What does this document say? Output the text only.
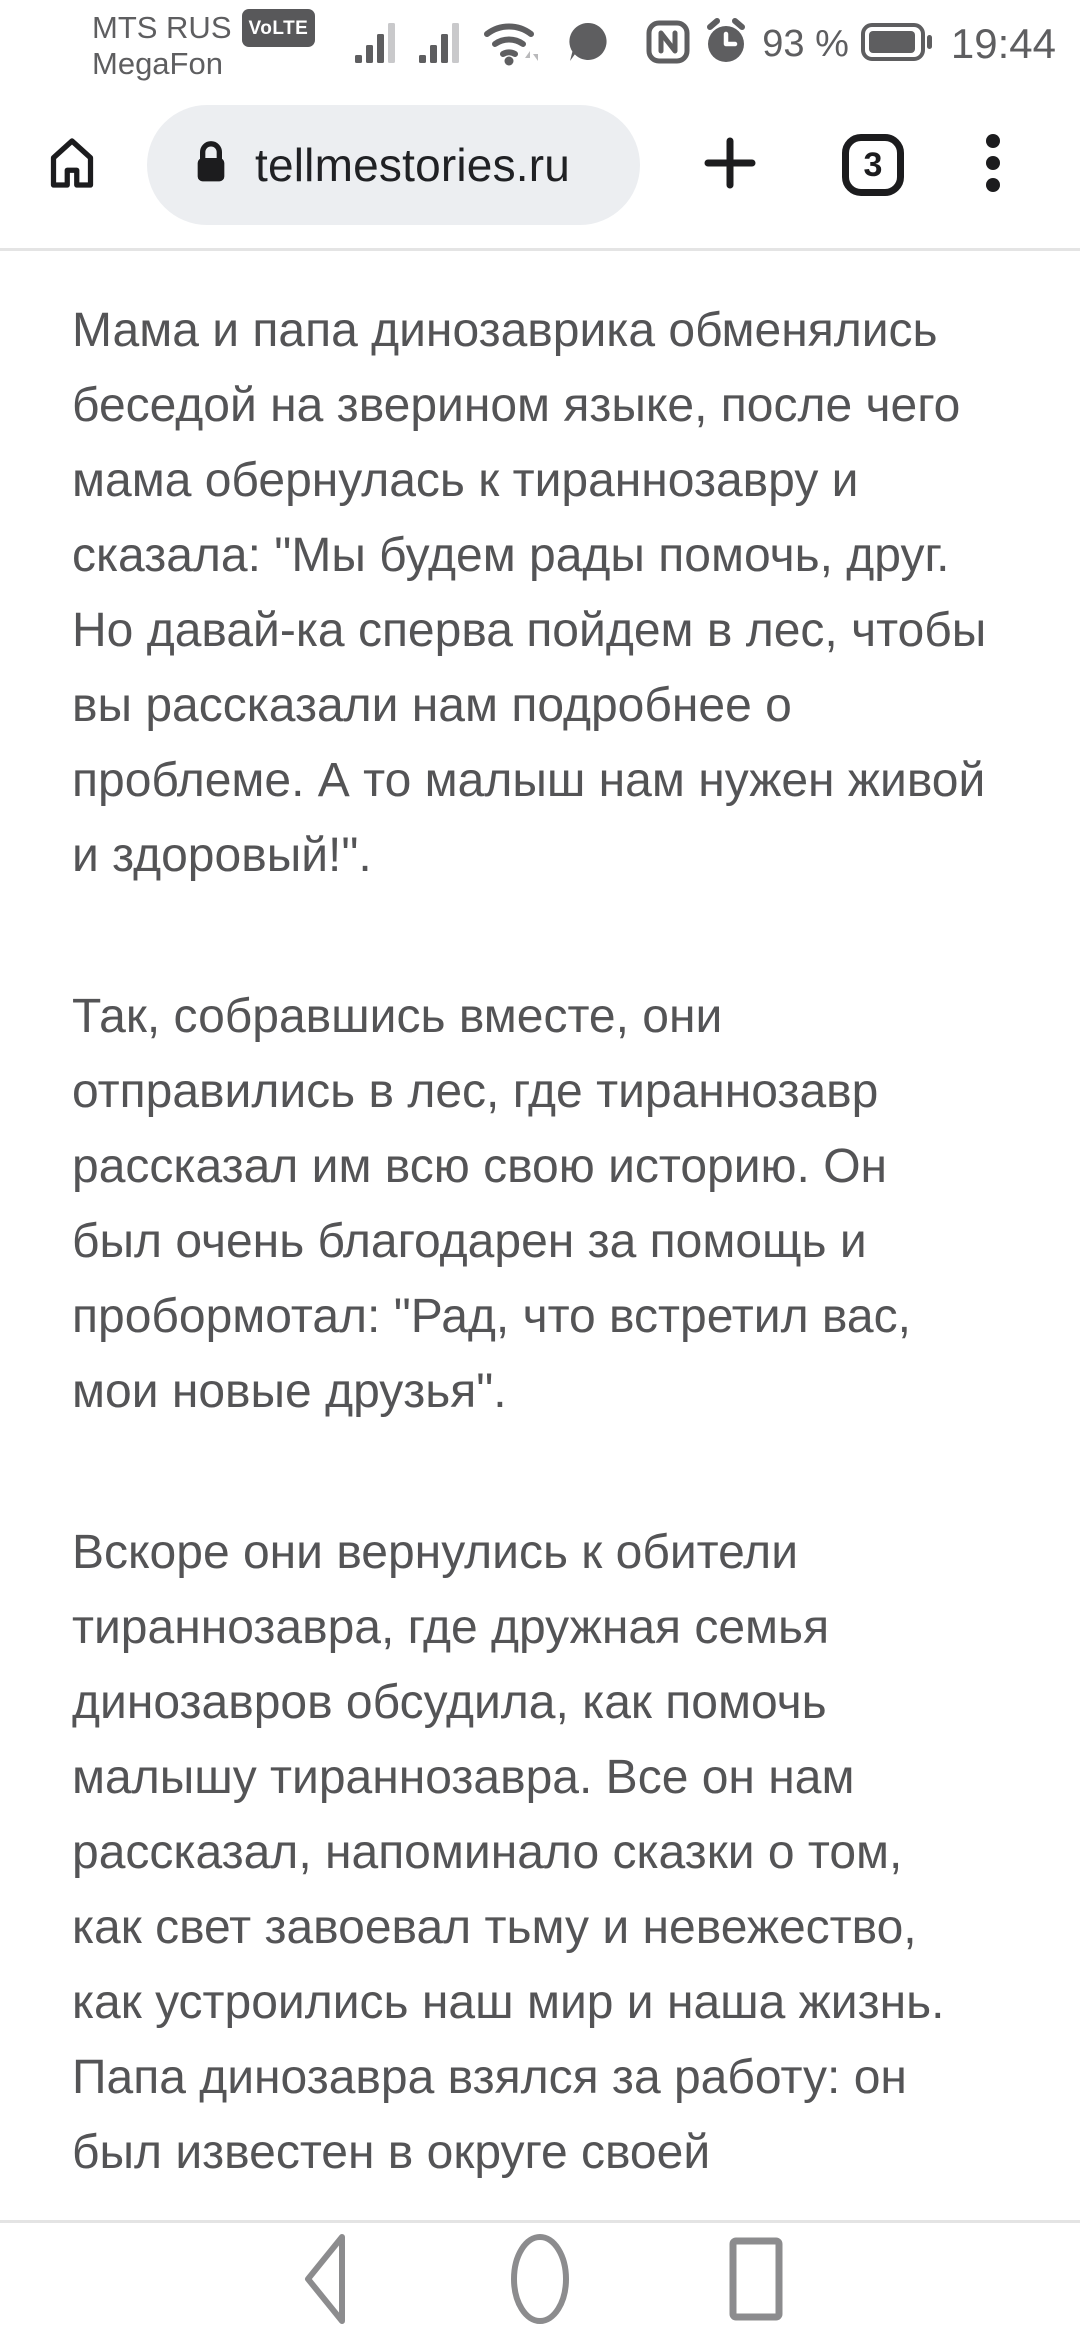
MTS RUS VoLTE
MegaFon	93 % 19:44
tellmestories.ru	3

Мама и папа динозаврика обменялись
беседой на зверином языке, после чего
мама обернулась к тираннозавру и
сказала: "Мы будем рады помочь, друг.
Но давай-ка сперва пойдем в лес, чтобы
вы рассказали нам подробнее о
проблеме. А то малыш нам нужен живой
и здоровый!".

Так, собравшись вместе, они
отправились в лес, где тираннозавр
рассказал им всю свою историю. Он
был очень благодарен за помощь и
пробормотал: "Рад, что встретил вас,
мои новые друзья".

Вскоре они вернулись к обители
тираннозавра, где дружная семья
динозавров обсудила, как помочь
малышу тираннозавра. Все он нам
рассказал, напоминало сказки о том,
как свет завоевал тьму и невежество,
как устроились наш мир и наша жизнь.
Папа динозавра взялся за работу: он
был известен в округе своей
